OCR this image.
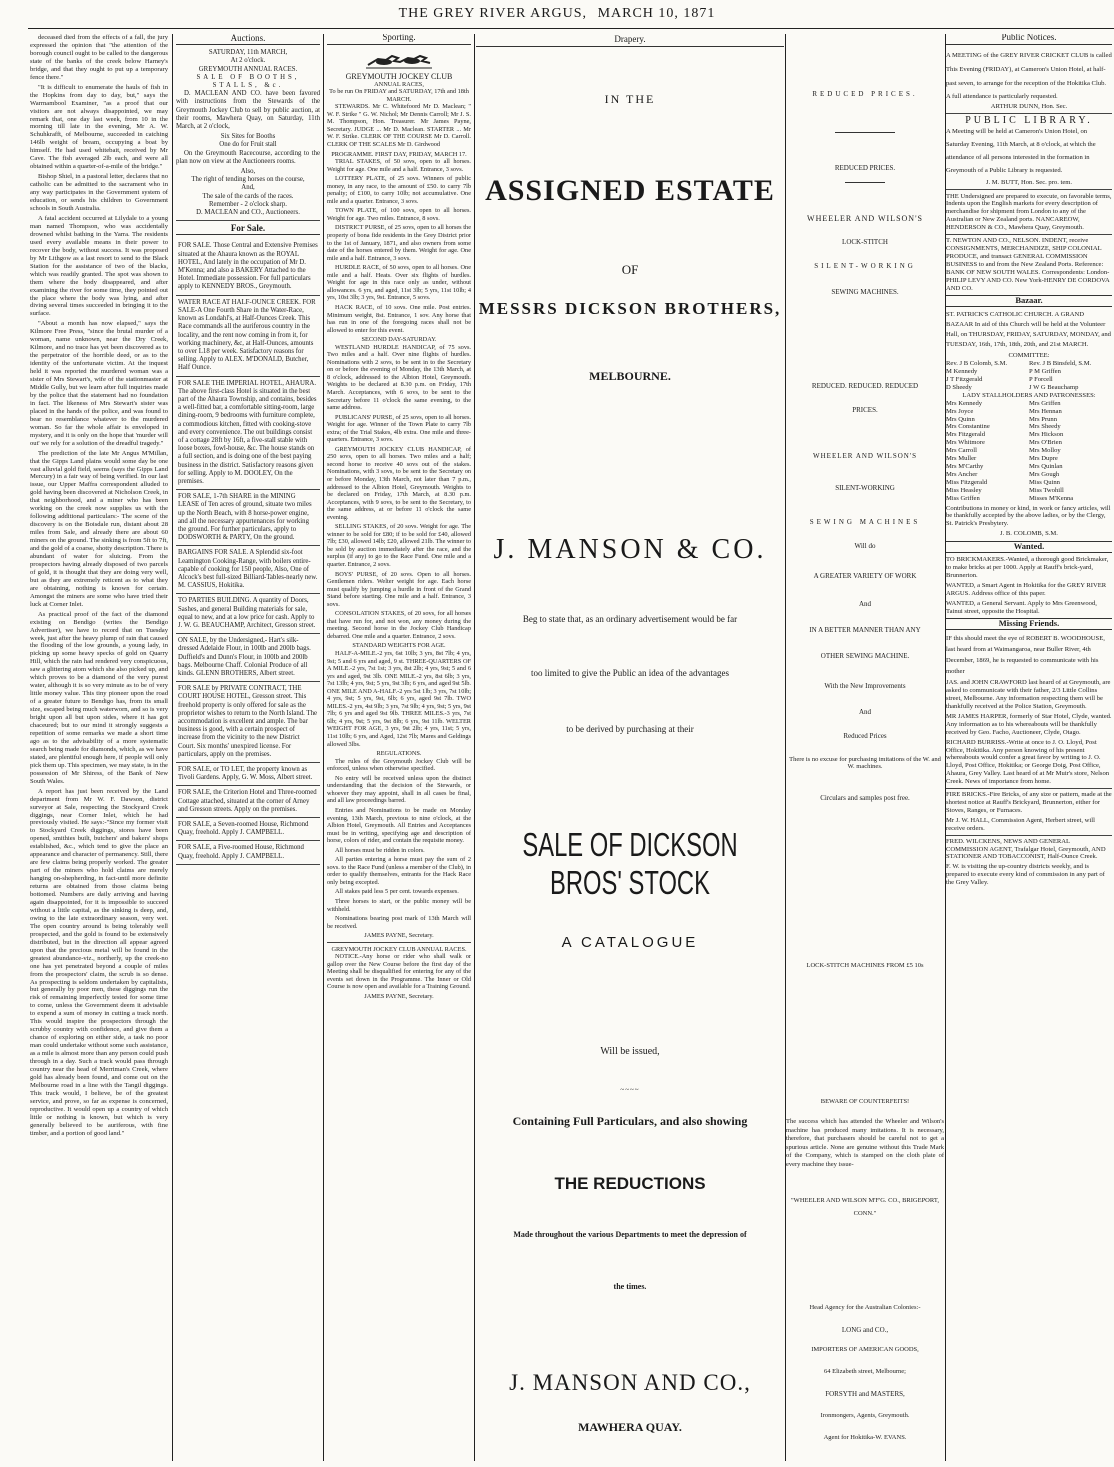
THE GREY RIVER ARGUS, MARCH 10, 1871

deceased died from the effects of a fall, the jury expressed the opinion that "the attention of the borough council ought to be called to the dangerous state of the banks of the creek below Harney's bridge, and that they ought to put up a temporary fence there."

"It is difficult to enumerate the hauls of fish in the Hopkins from day to day, but," says the Warrnambool Examiner, "as a proof that our visitors are not always disappointed, we may remark that, one day last week, from 10 in the morning till late in the evening, Mr A. W. Schuhkrafft, of Melbourne, succeeded in catching 146lb weight of bream, occupying a boat by himself. He had used whitebait, received by Mr Cave. The fish averaged 2lb each, and were all obtained within a quarter-of-a-mile of the bridge."

Bishop Shiel, in a pastoral letter, declares that no catholic can be admitted to the sacrament who in any way participates in the Government system of education, or sends his children to Government schools in South Australia.

A fatal accident occurred at Lilydale to a young man named Thompson, who was accidentally drowned whilst bathing in the Yarra. The residents used every available means in their power to recover the body, without success. It was proposed by Mr Lithgow as a last resort to send to the Black Station for the assistance of two of the blacks, which was readily granted. The spot was shown to them where the body disappeared, and after examining the river for some time, they pointed out the place where the body was lying, and after diving several times succeeded in bringing it to the surface.

"About a month has now elapsed," says the Kilmore Free Press, "since the brutal murder of a woman, name unknown, near the Dry Creek, Kilmore, and no trace has yet been discovered as to the perpetrator of the horrible deed, or as to the identity of the unfortunate victim. At the inquest held it was reported the murdered woman was a sister of Mrs Stewart's, wife of the stationmaster at Middle Gully, but we learn after full inquiries made by the police that the statement had no foundation in fact. The likeness of Mrs Stewart's sister was placed in the hands of the police, and was found to bear no resemblance whatever to the murdered woman. So far the whole affair is enveloped in mystery, and it is only on the hope that 'murder will out' we rely for a solution of the dreadful tragedy."

The prediction of the late Mr Angus M'Millan, that the Gipps Land plains would some day be one vast alluvial gold field, seems (says the Gipps Land Mercury) in a fair way of being verified. In our last issue, our Upper Maffra correspondent alluded to gold having been discovered at Nicholson Creek, in that neighborhood, and a miner who has been working on the creek now supplies us with the following additional particulars:- The scene of the discovery is on the Boisdale run, distant about 28 miles from Sale, and already there are about 60 miners on the ground. The sinking is from 5ft to 7ft, and the gold of a coarse, shotty description. There is abundant of water for sluicing. From the prospectors having already disposed of two parcels of gold, it is thought that they are doing very well, but as they are extremely reticent as to what they are obtaining, nothing is known for certain. Amongst the miners are some who have tried their luck at Corner Inlet.

As practical proof of the fact of the diamond existing on Bendigo (writes the Bendigo Advertiser), we have to record that on Tuesday week, just after the heavy plump of rain that caused the flooding of the low grounds, a young lady, in picking up some heavy specks of gold on Quarry Hill, which the rain had rendered very conspicuous, saw a glittering atom which she also picked up, and which proves to be a diamond of the very purest water, although it is so very minute as to be of very little money value. This tiny pioneer upon the road of a greater future to Bendigo has, from its small size, escaped being much waterworn, and so is very bright upon all but upon sides, where it has got chaceured; but to our mind it strongly suggests a repetition of some remarks we made a short time ago as to the advisability of a more systematic search being made for diamonds, which, as we have stated, are plentiful enough here, if people will only pick them up. This specimen, we may state, is in the possession of Mr Shiress, of the Bank of New South Wales.

A report has just been received by the Land department from Mr W. F. Dawson, district surveyor at Sale, respecting the Stockyard Creek diggings, near Corner Inlet, which he had previously visited. He says:-"Since my former visit to Stockyard Creek diggings, stores have been opened, smithies built, butchers' and bakers' shops established, &c., which tend to give the place an appearance and character of permanency. Still, there are few claims being properly worked. The greater part of the miners who hold claims are merely hanging on-shepherding, in fact-until more definite returns are obtained from those claims being bottomed. Numbers are daily arriving and having again disappointed, for it is impossible to succeed without a little capital, as the sinking is deep, and, owing to the late extraordinary season, very wet. The open country around is being tolerably well prospected, and the gold is found to be extensively distributed, but in the direction all appear agreed upon that the precious metal will be found in the greatest abundance-viz., northerly, up the creek-no one has yet penetrated beyond a couple of miles from the prospectors' claim, the scrub is so dense. As prospecting is seldom undertaken by capitalists, but generally by poor men, these diggings run the risk of remaining imperfectly tested for some time to come, unless the Government deem it advisable to expend a sum of money in cutting a track north. This would inspire the prospectors through the scrubby country with confidence, and give them a chance of exploring on either side, a task no poor man could undertake without some such assistance, as a mile is almost more than any person could push through in a day. Such a track would pass through country near the head of Merriman's Creek, where gold has already been found, and come out on the Melbourne road in a line with the Tangil diggings. This track would, I believe, be of the greatest service, and prove, so far as expense is concerned, reproductive. It would open up a country of which little or nothing is known, but which is very generally believed to be auriferous, with fine timber, and a portion of good land."

Auctions.
SATURDAY, 11th MARCH,
At 2 o'clock.
GREYMOUTH ANNUAL RACES.
SALE OF BOOTHS, STALLS, &c.

D. MACLEAN AND CO. have been favored with instructions from the Stewards of the Greymouth Jockey Club to sell by public auction, at their rooms, Mawhera Quay, on Saturday, 11th March, at 2 o'clock,

Six Sites for Booths
One do for Fruit stall

On the Greymouth Racecourse, according to the plan now on view at the Auctioneers rooms.

Also,
The right of tending horses on the course,
And,
The sale of the cards of the races.
Remember - 2 o'clock sharp.
D. MACLEAN and CO., Auctioneers.
For Sale.
FOR SALE. Those Central and Extensive Premises situated at the Ahaura known as the ROYAL HOTEL, And lately in the occupation of Mr D. M'Kenna; and also a BAKERY Attached to the Hotel. Immediate possession. For full particulars apply to KENNEDY BROS., Greymouth.
WATER RACE AT HALF-OUNCE CREEK. FOR SALE-A One Fourth Share in the Water-Race, known as Londahl's, at Half-Ounces Creek. This Race commands all the auriferous country in the locality, and the rent now coming in from it, for working machinery, &c, at Half-Ounces, amounts to over L18 per week. Satisfactory reasons for selling. Apply to ALEX. M'DONALD, Butcher, Half Ounce.
FOR SALE THE IMPERIAL HOTEL, AHAURA. The above first-class Hotel is situated in the best part of the Ahaura Township, and contains, besides a well-fitted bar, a comfortable sitting-room, large dining-room, 9 bedrooms with furniture complete, a commodious kitchen, fitted with cooking-stove and every convenience. The out buildings consist of a cottage 28ft by 16ft, a five-stall stable with loose boxes, fowl-house, &c. The house stands on a full section, and is doing one of the best paying business in the district. Satisfactory reasons given for selling. Apply to M. DOOLEY, On the premises.
FOR SALE, 1-7th SHARE in the MINING LEASE of Ten acres of ground, situate two miles up the North Beach, with 8 horse-power engine, and all the necessary appurtenances for working the ground. For further particulars, apply to DODSWORTH & PARTY, On the ground.
BARGAINS FOR SALE. A Splendid six-foot Leamington Cooking-Range, with boilers entire-capable of cooking for 150 people, Also, One of Alcock's best full-sized Billiard-Tables-nearly new. M. CASSIUS, Hokitika.
TO PARTIES BUILDING. A quantity of Doors, Sashes, and general Building materials for sale, equal to new, and at a low price for cash. Apply to J. W. G. BEAUCHAMP, Architect, Gresson street.
ON SALE, by the Undersigned,- Hart's silk-dressed Adelaide Flour, in 100lb and 200lb bags. Duffield's and Dunn's Flour, in 100lb and 200lb bags. Melbourne Chaff. Colonial Produce of all kinds. GLENN BROTHERS, Albert street.
FOR SALE by PRIVATE CONTRACT, THE COURT HOUSE HOTEL, Gresson street. This freehold property is only offered for sale as the proprietor wishes to return to the North Island. The accommodation is excellent and ample. The bar business is good, with a certain prospect of increase from the vicinity to the new District Court. Six months' unexpired license. For particulars, apply on the premises.
FOR SALE, or TO LET, the property known as Tivoli Gardens. Apply, G. W. Moss, Albert street.
FOR SALE, the Criterion Hotel and Three-roomed Cottage attached, situated at the corner of Arney and Gresson streets. Apply on the premises.
FOR SALE, a Seven-roomed House, Richmond Quay, freehold. Apply J. CAMPBELL.
FOR SALE, a Five-roomed House, Richmond Quay, freehold. Apply J. CAMPBELL.
Sporting.
GREYMOUTH JOCKEY CLUB
ANNUAL RACES,
To be run On FRIDAY and SATURDAY, 17th and 18th MARCH.

STEWARDS. Mr C. Whitefoord Mr D. Maclean; " W. F. Strike " G. W. Nichol; Mr Dennis Carroll; Mr J. S. M. Thompson, Hon. Treasurer. Mr James Payne, Secretary. JUDGE ... Mr D. Maclean. STARTER ... Mr W. F. Strike. CLERK OF THE COURSE Mr D. Carroll. CLERK OF THE SCALES Mr D. Girdwood

PROGRAMME. FIRST DAY, FRIDAY, MARCH 17.

TRIAL STAKES, of 50 sovs, open to all horses. Weight for age. One mile and a half. Entrance, 3 sovs.

LOTTERY PLATE, of 25 sovs. Winners of public money, in any race, to the amount of £50. to carry 7lb penalty; of £100, to carry 10lb; not accumulative. One mile and a quarter. Entrance, 3 sovs.

TOWN PLATE, of 100 sovs, open to all horses. Weight for age. Two miles. Entrance, 8 sovs.

DISTRICT PURSE, of 25 sovs, open to all horses the property of bona fide residents in the Grey District prior to the 1st of January, 1871, and also owners from some date of the horses entered by them. Weight for age. One mile and a half. Entrance, 3 sovs.

HURDLE RACE, of 50 sovs, open to all horses. One mile and a half. Heats. Over six flights of hurdles. Weight for age in this race only as under, without allowances. 6 yrs, and aged, 11st 3lb; 5 yrs, 11st 10lb; 4 yrs, 10st 3lb; 3 yrs, 9st. Entrance, 5 sovs.

HACK RACE, of 10 sovs. One mile. Post entries. Minimum weight, 8st. Entrance, 1 sov. Any horse that has run in one of the foregoing races shall not be allowed to enter for this event.

SECOND DAY-SATURDAY.

WESTLAND HURDLE HANDICAP, of 75 sovs. Two miles and a half. Over nine flights of hurdles. Nominations with 2 sovs, to be sent in to the Secretary on or before the evening of Monday, the 13th March, at 8 o'clock, addressed to the Albion Hotel, Greymouth. Weights to be declared at 8.30 p.m. on Friday, 17th March. Acceptances, with 6 sovs, to be sent to the Secretary before 11 o'clock the same evening, to the same address.

PUBLICANS' PURSE, of 25 sovs, open to all horses. Weight for age. Winner of the Town Plate to carry 7lb extra; of the Trial Stakes, 4lb extra. One mile and three-quarters. Entrance, 3 sovs.

GREYMOUTH JOCKEY CLUB HANDICAP, of 250 sovs, open to all horses. Two miles and a half; second horse to receive 40 sovs out of the stakes. Nominations, with 3 sovs, to be sent to the Secretary on or before Monday, 13th March, not later than 7 p.m., addressed to the Albion Hotel, Greymouth. Weights to be declared on Friday, 17th March, at 8.30 p.m. Acceptances, with 9 sovs, to be sent to the Secretary, to the same address, at or before 11 o'clock the same evening.

SELLING STAKES, of 20 sovs. Weight for age. The winner to be sold for £80; if to be sold for £40, allowed 7lb; £30, allowed 14lb; £20, allowed 21lb. The winner to be sold by auction immediately after the race, and the surplus (if any) to go to the Race Fund. One mile and a quarter. Entrance, 2 sovs.

BOYS' PURSE, of 20 sovs. Open to all horses. Gentlemen riders. Welter weight for age. Each horse must qualify by jumping a hurdle in front of the Grand Stand before starting. One mile and a half. Entrance, 3 sovs.

CONSOLATION STAKES, of 20 sovs, for all horses that have run for, and not won, any money during the meeting. Second horse in the Jockey Club Handicap debarred. One mile and a quarter. Entrance, 2 sovs.

STANDARD WEIGHTS FOR AGE.

HALF-A-MILE.-2 yrs, 6st 10lb; 3 yrs, 8st 7lb; 4 yrs, 9st; 5 and 6 yrs and aged, 9 st. THREE-QUARTERS OF A MILE.-2 yrs, 7st 1st; 3 yrs, 8st 2lb; 4 yrs, 9st; 5 and 6 yrs and aged, 9st 3lb. ONE MILE.-2 yrs, 8st 6lb; 3 yrs, 7st 13lb; 4 yrs, 9st; 5 yrs, 9st 3lb; 6 yrs, and aged 9st 5lb. ONE MILE AND A-HALF.-2 yrs 5st 1lb; 3 yrs, 7st 10lb; 4 yrs, 9st; 5 yrs, 9st, 6lb; 6 yrs, aged 9st 7lb. TWO MILES.-2 yrs, 4st 9lb; 3 yrs, 7st 9lb; 4 yrs, 9st; 5 yrs, 9st 7lb; 6 yrs and aged 9st 9lb. THREE MILES.-3 yrs, 7st 6lb; 4 yrs, 9st; 5 yrs, 9st 8lb; 6 yrs, 9st 11lb. WELTER WEIGHT FOR AGE, 3 yrs, 9st 2lb; 4 yrs, 11st; 5 yrs, 11st 10lb; 6 yrs, and Aged, 12st 7lb; Mares and Geldings allowed 3lbs.

REGULATIONS.

The rules of the Greymouth Jockey Club will be enforced, unless when otherwise specified.

No entry will be received unless upon the distinct understanding that the decision of the Stewards, or whoever they may appoint, shall in all cases be final, and all law proceedings barred.

Entries and Nominations to be made on Monday evening, 13th March, previous to nine o'clock, at the Albion Hotel, Greymouth. All Entries and Acceptances must be in writing, specifying age and description of horse, colors of rider, and contain the requisite money.

All horses must be ridden in colors.

All parties entering a horse must pay the sum of 2 sovs. to the Race Fund (unless a member of the Club), in order to qualify themselves, entrants for the Hack Race only being excepted.

All stakes paid less 5 per cent. towards expenses.

Three horses to start, or the public money will be withheld.

Nominations bearing post mark of 13th March will be received.

JAMES PAYNE, Secretary.
GREYMOUTH JOCKEY CLUB ANNUAL RACES.

NOTICE.-Any horse or rider who shall walk or gallop over the New Course before the first day of the Meeting shall be disqualified for entering for any of the events set down in the Programme. The Inner or Old Course is now open and available for a Training Ground.

JAMES PAYNE, Secretary.
Drapery.
IN THE
ASSIGNED ESTATE
OF
MESSRS DICKSON BROTHERS,
MELBOURNE.
J. MANSON & CO.
Beg to state that, as an ordinary advertisement would be far
too limited to give the Public an idea of the advantages
to be derived by purchasing at their
SALE OF DICKSON BROS' STOCK
A CATALOGUE
Will be issued,
~~~~
Containing Full Particulars, and also showing
THE REDUCTIONS
Made throughout the various Departments to meet the depression of
the times.
J. MANSON AND CO.,
MAWHERA QUAY.
REDUCED PRICES.
REDUCED PRICES.
WHEELER AND WILSON'S
LOCK-STITCH
SILENT-WORKING
SEWING MACHINES.
REDUCED. REDUCED. REDUCED
PRICES.
WHEELER AND WILSON'S
SILENT-WORKING
SEWING MACHINES
Will do
A GREATER VARIETY OF WORK
And
IN A BETTER MANNER THAN ANY
OTHER SEWING MACHINE.
With the New Improvements
And
Reduced Prices
There is no excuse for purchasing imitations of the W. and W. machines.
Circulars and samples post free.
LOCK-STITCH MACHINES FROM £5 10s
BEWARE OF COUNTERFEITS!
The success which has attended the Wheeler and Wilson's machine has produced many imitations. It is necessary, therefore, that purchasers should be careful not to get a spurious article. None are genuine without this Trade Mark of the Company, which is stamped on the cloth plate of every machine they issue-
"WHEELER AND WILSON M'F'G. CO., BRIGEPORT, CONN."
Head Agency for the Australian Colonies:-
LONG and CO.,
IMPORTERS OF AMERICAN GOODS,
64 Elizabeth street, Melbourne;
FORSYTH and MASTERS,
Ironmongers, Agents, Greymouth.
Agent for Hokitika-W. EVANS.
Public Notices.

A MEETING of the GREY RIVER CRICKET CLUB is called This Evening (FRIDAY), at Cameron's Union Hotel, at half-past seven, to arrange for the reception of the Hokitika Club.

A full attendance is particularly requested.

ARTHUR DUNN, Hon. Sec.
PUBLIC LIBRARY.

A Meeting will be held at Cameron's Union Hotel, on Saturday Evening, 11th March, at 8 o'clock, at which the attendance of all persons interested in the formation in Greymouth of a Public Library is requested.

J. M. BUTT, Hon. Sec. pro. tem.

THE Undersigned are prepared to execute, on favorable terms, Indents upon the English markets for every description of merchandise for shipment from London to any of the Australian or New Zealand ports. NANCAREOW, HENDERSON & CO., Mawhera Quay, Greymouth.

T. NEWTON AND CO., NELSON. INDENT, receive CONSIGNMENTS, MERCHANDIZE, SHIP COLONIAL PRODUCE, and transact GENERAL COMMISSION BUSINESS to and from the New Zealand Ports. Reference: BANK OF NEW SOUTH WALES. Correspondents: London-PHILIP LEVY AND CO. New York-HENRY DE CORDOVA AND CO.

Bazaar.

ST. PATRICK'S CATHOLIC CHURCH. A GRAND BAZAAR In aid of this Church will be held at the Volunteer Hall, on THURSDAY, FRIDAY, SATURDAY, MONDAY, and TUESDAY, 16th, 17th, 18th, 20th, and 21st MARCH.

COMMITTEE:
Rev. J B Colomb, S.M.	Rev. J B Binsfeld, S.M.
M Kennedy	P M Griffen
J T Fitzgerald	P Forcell
D Sheedy	J W G Beauchamp
LADY STALLHOLDERS AND PATRONESSES:
Mrs Kennedy	Mrs Griffen
Mrs Joyce	Mrs Hennan
Mrs Quinn	Mrs Prunn
Mrs Constantine	Mrs Sheedy
Mrs Fitzgerald	Mrs Hickson
Mrs Whitmore	Mrs O'Brien
Mrs Carroll	Mrs Molloy
Mrs Muller	Mrs Dupre
Mrs M'Carthy	Mrs Quinlan
Mrs Ancher	Mrs Gough
Miss Fitzgerald	Miss Quinn
Miss Heasley	Miss Twohill
Miss Griffen	Misses M'Kenna

Contributions in money or kind, in work or fancy articles, will be thankfully accepted by the above ladies, or by the Clergy, St. Patrick's Presbytery.

J. B. COLOMB, S.M.
Wanted.

TO BRICKMAKERS.-Wanted, a thorough good Brickmaker, to make bricks at per 1000. Apply at Rauff's brick-yard, Brunnerton.

WANTED, a Smart Agent in Hokitika for the GREY RIVER ARGUS. Address office of this paper.

WANTED, a General Servant. Apply to Mrs Greenwood, Tainui street, opposite the Hospital.

Missing Friends.

IF this should meet the eye of ROBERT B. WOODHOUSE, last heard from at Waimangaroa, near Buller River, 4th December, 1869, he is requested to communicate with his mother

JAS. and JOHN CRAWFORD last heard of at Greymouth, are asked to communicate with their father, 2/3 Little Collins street, Melbourne. Any information respecting them will be thankfully received at the Police Station, Greymouth.

MR JAMES HARPER, formerly of Star Hotel, Clyde, wanted. Any information as to his whereabouts will be thankfully received by Geo. Facho, Auctioneer, Clyde, Otago.

RICHARD BURRISS.-Write at once to J. O. Lloyd, Post Office, Hokitika. Any person knowing of his present whereabouts would confer a great favor by writing to J. O. Lloyd, Post Office, Hokitika; or George Doig, Post Office, Ahaura, Grey Valley. Last heard of at Mr Muir's store, Nelson Creek. News of importance from home.

FIRE BRICKS.-Fire Bricks, of any size or pattern, made at the shortest notice at Rauff's Brickyard, Brunnerton, either for Stoves, Ranges, or Furnaces.

Mr J. W. HALL, Commission Agent, Herbert street, will receive orders.

FRED. WILCKENS, NEWS AND GENERAL COMMISSION AGENT, Trafalgar Hotel, Greymouth, AND STATIONER AND TOBACCONIST, Half-Ounce Creek.

F. W. is visiting the up-country districts weekly, and is prepared to execute every kind of commission in any part of the Grey Valley.
